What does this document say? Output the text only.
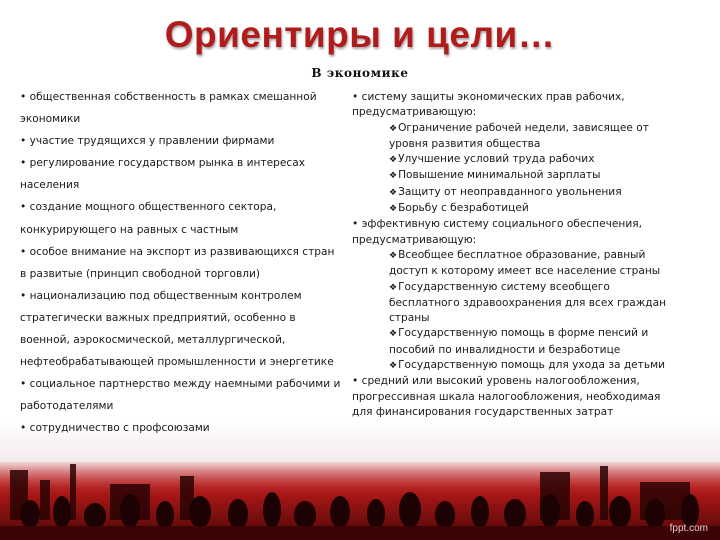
Ориентиры и цели…
В экономике
• общественная собственность в рамках смешанной
экономики
• участие трудящихся у правлении фирмами
• регулирование государством рынка в интересах
населения
• создание мощного общественного сектора,
конкурирующего на равных с частным
• особое внимание на экспорт из развивающихся стран
в развитые (принцип свободной торговли)
• национализацию под общественным контролем
стратегически важных предприятий, особенно в
военной, аэрокосмической, металлургической,
нефтеобрабатывающей промышленности и энергетике
• социальное партнерство между наемными рабочими и
работодателями
• сотрудничество с профсоюзами
• систему защиты экономических прав рабочих,
предусматривающую:
❖Ограничение рабочей недели, зависящее от
уровня развития общества
❖Улучшение условий труда рабочих
❖Повышение минимальной зарплаты
❖Защиту от неоправданного увольнения
❖Борьбу с безработицей
• эффективную систему социального обеспечения,
предусматривающую:
❖Всеобщее бесплатное образование, равный
доступ к которому имеет все население страны
❖Государственную систему всеобщего
бесплатного здравоохранения для всех граждан
страны
❖Государственную помощь в форме пенсий и
пособий по инвалидности и безработице
❖Государственную помощь для ухода за детьми
• средний или высокий уровень налогообложения,
прогрессивная шкала налогообложения, необходимая
для финансирования государственных затрат
fppt.com
